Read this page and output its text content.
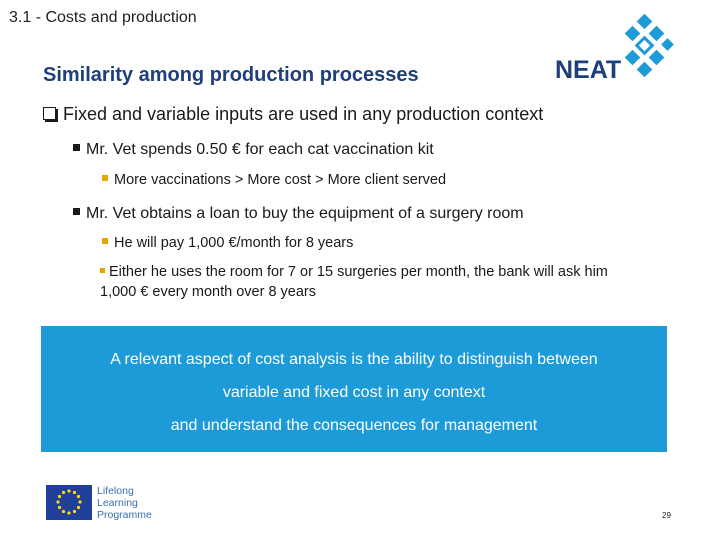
3.1 - Costs and production
Similarity among production processes	NEAT
Fixed and variable inputs are used in any production context
Mr. Vet spends 0.50 € for each cat vaccination kit
More vaccinations > More cost > More client served
Mr. Vet obtains a loan to buy the equipment of a surgery room
He will pay 1,000 €/month for 8 years
Either he uses the room for 7 or 15 surgeries per month, the bank will ask him
1,000 € every month over 8 years
A relevant aspect of cost analysis is the ability to distinguish between
variable and fixed cost in any context
and understand the consequences for management
Lifelong
Learning
Programme	29
